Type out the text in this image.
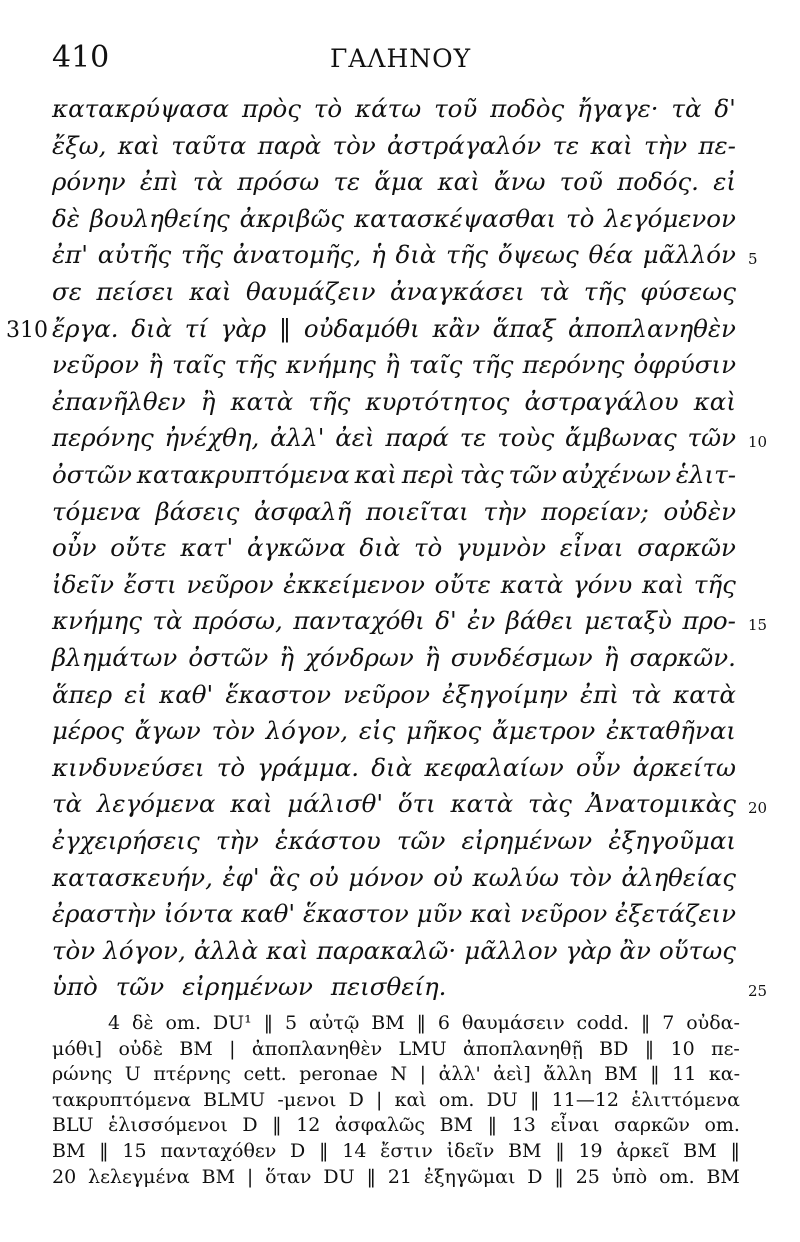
410	ΓΑΛΗΝΟΥ
κατακρύψασα πρὸς τὸ κάτω τοῦ ποδὸς ἤγαγε· τὰ δ'
ἔξω, καὶ ταῦτα παρὰ τὸν ἀστράγαλόν τε καὶ τὴν πε-
ρόνην ἐπὶ τὰ πρόσω τε ἅμα καὶ ἄνω τοῦ ποδός. εἰ
δὲ βουληθείης ἀκριβῶς κατασκέψασθαι τὸ λεγόμενον
ἐπ' αὐτῆς τῆς ἀνατομῆς, ἡ διὰ τῆς ὄψεως θέα μᾶλλόν
σε πείσει καὶ θαυμάζειν ἀναγκάσει τὰ τῆς φύσεως
ἔργα. διὰ τί γὰρ ‖ οὐδαμόθι κἂν ἅπαξ ἀποπλανηθὲν
νεῦρον ἢ ταῖς τῆς κνήμης ἢ ταῖς τῆς περόνης ὀφρύσιν
ἐπανῆλθεν ἢ κατὰ τῆς κυρτότητος ἀστραγάλου καὶ
περόνης ἠνέχθη, ἀλλ' ἀεὶ παρά τε τοὺς ἄμβωνας τῶν
ὀστῶν κατακρυπτόμενα καὶ περὶ τὰς τῶν αὐχένων ἑλιτ-
τόμενα βάσεις ἀσφαλῆ ποιεῖται τὴν πορείαν; οὐδὲν
οὖν οὔτε κατ' ἀγκῶνα διὰ τὸ γυμνὸν εἶναι σαρκῶν
ἰδεῖν ἔστι νεῦρον ἐκκείμενον οὔτε κατὰ γόνυ καὶ τῆς
κνήμης τὰ πρόσω, πανταχόθι δ' ἐν βάθει μεταξὺ προ-
βλημάτων ὀστῶν ἢ χόνδρων ἢ συνδέσμων ἢ σαρκῶν.
ἅπερ εἰ καθ' ἕκαστον νεῦρον ἐξηγοίμην ἐπὶ τὰ κατὰ
μέρος ἄγων τὸν λόγον, εἰς μῆκος ἄμετρον ἐκταθῆναι
κινδυνεύσει τὸ γράμμα. διὰ κεφαλαίων οὖν ἀρκείτω
τὰ λεγόμενα καὶ μάλισθ' ὅτι κατὰ τὰς Ἀνατομικὰς
ἐγχειρήσεις τὴν ἑκάστου τῶν εἰρημένων ἐξηγοῦμαι
κατασκευήν, ἐφ' ἃς οὐ μόνον οὐ κωλύω τὸν ἀληθείας
ἐραστὴν ἰόντα καθ' ἕκαστον μῦν καὶ νεῦρον ἐξετάζειν
τὸν λόγον, ἀλλὰ καὶ παρακαλῶ· μᾶλλον γὰρ ἂν οὕτως
ὑπὸ τῶν εἰρημένων πεισθείη.
310
5
10
15
20
25
4 δὲ om. DU¹ ‖ 5 αὐτῷ BM ‖ 6 θαυμάσειν codd. ‖ 7 οὐδα-
μόθι] οὐδὲ BM | ἀποπλανηθὲν LMU ἀποπλανηθῇ BD ‖ 10 πε-
ρώνης U πτέρνης cett. peronae N | ἀλλ' ἀεὶ] ἄλλη BM ‖ 11 κα-
τακρυπτόμενα BLMU -μενοι D | καὶ om. DU ‖ 11—12 ἑλιττόμενα
BLU ἑλισσόμενοι D ‖ 12 ἀσφαλῶς BM ‖ 13 εἶναι σαρκῶν om.
BM ‖ 15 πανταχόθεν D ‖ 14 ἔστιν ἰδεῖν BM ‖ 19 ἀρκεῖ BM ‖
20 λελεγμένα BM | ὅταν DU ‖ 21 ἐξηγῶμαι D ‖ 25 ὑπὸ om. BM
